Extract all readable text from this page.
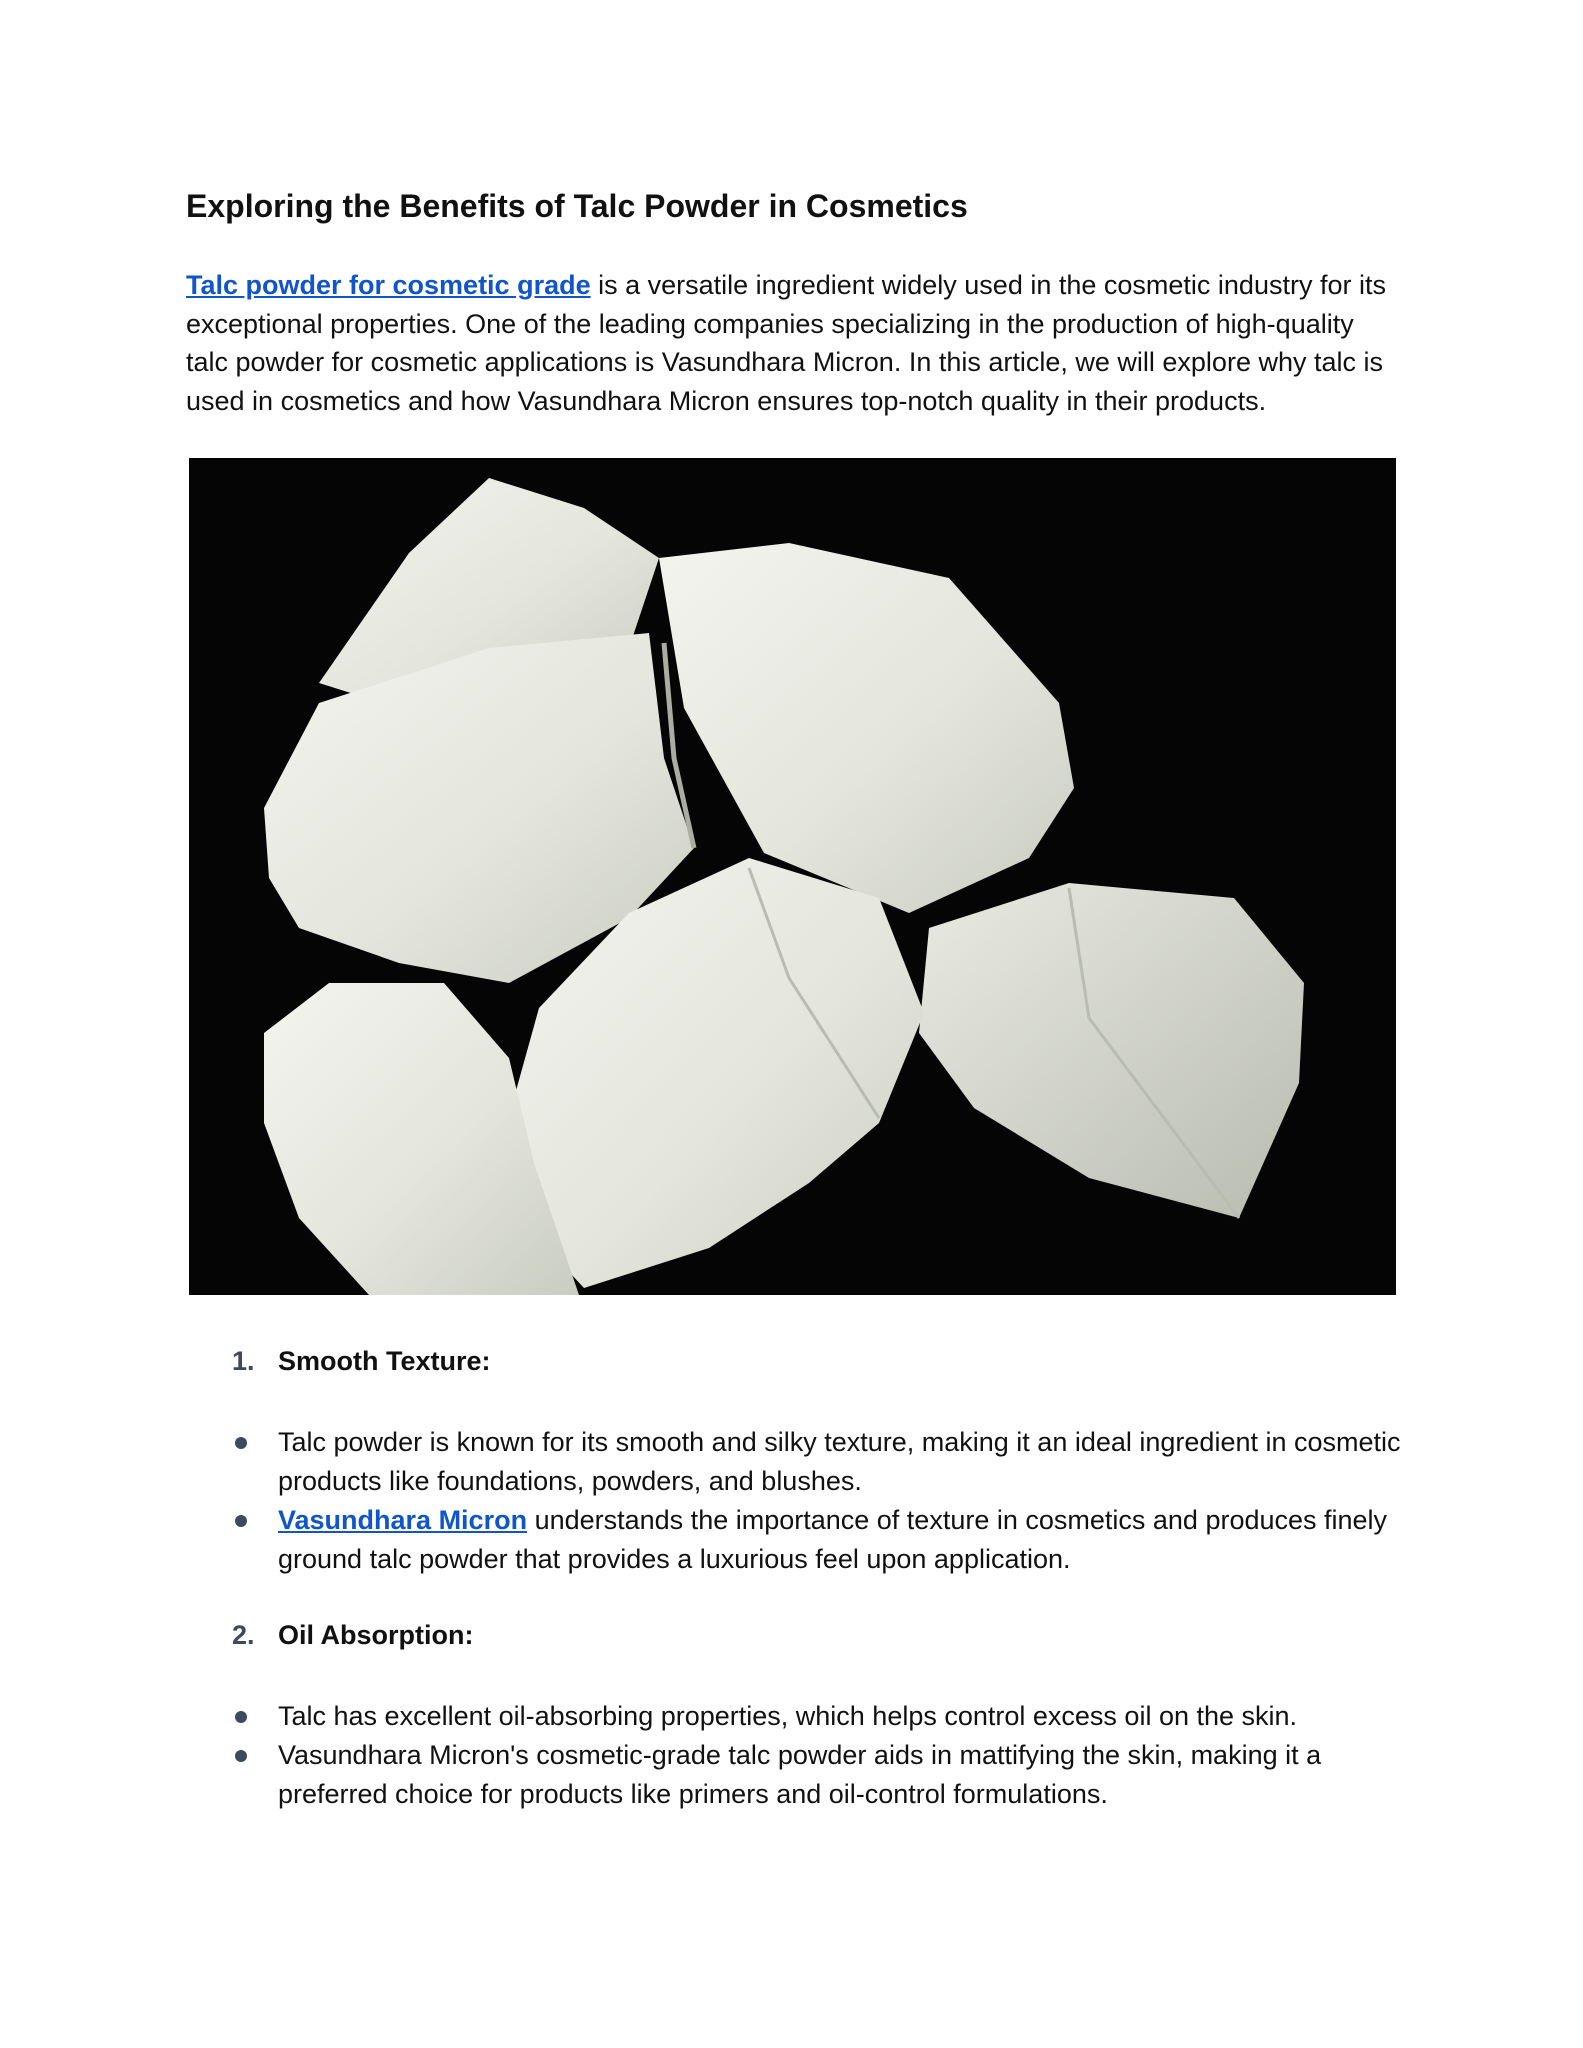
Exploring the Benefits of Talc Powder in Cosmetics

Talc powder for cosmetic grade is a versatile ingredient widely used in the cosmetic industry for its exceptional properties. One of the leading companies specializing in the production of high-quality talc powder for cosmetic applications is Vasundhara Micron. In this article, we will explore why talc is used in cosmetics and how Vasundhara Micron ensures top-notch quality in their products.

1. Smooth Texture:
Talc powder is known for its smooth and silky texture, making it an ideal ingredient in cosmetic products like foundations, powders, and blushes.
Vasundhara Micron understands the importance of texture in cosmetics and produces finely ground talc powder that provides a luxurious feel upon application.
2. Oil Absorption:
Talc has excellent oil-absorbing properties, which helps control excess oil on the skin.
Vasundhara Micron's cosmetic-grade talc powder aids in mattifying the skin, making it a preferred choice for products like primers and oil-control formulations.
